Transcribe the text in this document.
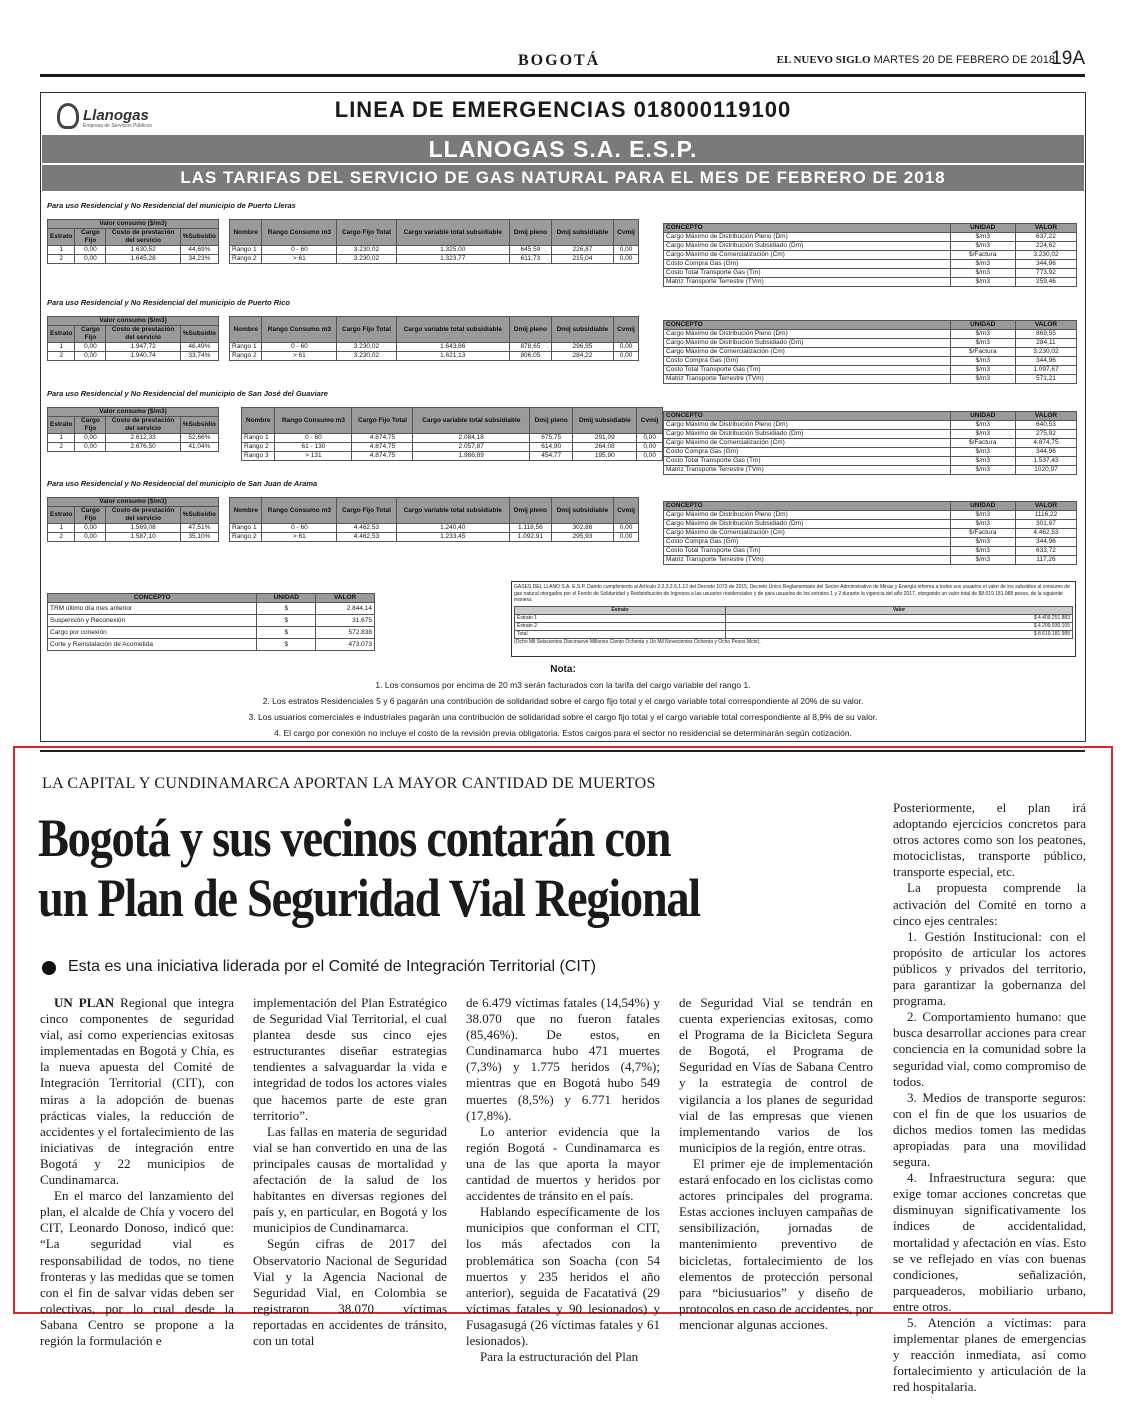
BOGOTÁ	EL NUEVO SIGLO MARTES 20 DE FEBRERO DE 2018
19A
Llanogas
Empresa de Servicios Públicos
LINEA DE EMERGENCIAS 018000119100
LLANOGAS S.A. E.S.P.
LAS TARIFAS DEL SERVICIO DE GAS NATURAL PARA EL MES DE FEBRERO DE 2018
Para uso Residencial y No Residencial del municipio de Puerto Lleras
Valor consumo ($/m3)			
Estrato	Cargo Fijo	Costo de prestación del servicio	%Subsidio
1	0,00	1.630,52	44,69%
2	0,00	1.645,28	34,23%
Nombre	Rango Consumo m3	Cargo Fijo Total	Cargo variable total subsidiable	Dmij pleno	Dmij subsidiable	Cvmij
Rango 1	0 - 60	3.230,02	1.325,00	645,59	226,87	0,00
Rango 2	> 61	3.230,02	1.323,77	611,73	215,04	0,00
CONCEPTO	UNIDAD	VALOR
Cargo Máximo de Distribución Pleno (Dm)	$/m3	637,22
Cargo Máximo de Distribución Subsidiado (Dm)	$/m3	224,62
Cargo Máximo de Comercialización (Cm)	$/Factura	3.230,02
Costo Compra Gas (Gm)	$/m3	344,96
Costo Total Transporte Gas (Tm)	$/m3	773,92
Matriz Transporte Terrestre (TVm)	$/m3	259,46
Para uso Residencial y No Residencial del municipio de Puerto Rico
Valor consumo ($/m3)			
Estrato	Cargo Fijo	Costo de prestación del servicio	%Subsidio
1	0,00	1.947,72	46,49%
2	0,00	1.940,74	33,74%
Nombre	Rango Consumo m3	Cargo Fijo Total	Cargo variable total subsidiable	Dmij pleno	Dmij subsidiable	Cvmij
Rango 1	0 - 60	3.230,02	1.643,86	878,65	296,95	0,00
Rango 2	> 61	3.230,02	1.621,13	806,05	284,22	0,00
CONCEPTO	UNIDAD	VALOR
Cargo Máximo de Distribución Pleno (Dm)	$/m3	869,55
Cargo Máximo de Distribución Subsidiado (Dm)	$/m3	284,11
Cargo Máximo de Comercialización (Cm)	$/Factura	3.230,02
Costo Compra Gas (Gm)	$/m3	344,96
Costo Total Transporte Gas (Tm)	$/m3	1.097,67
Matriz Transporte Terrestre (TVm)	$/m3	571,21
Para uso Residencial y No Residencial del municipio de San José del Guaviare
Valor consumo ($/m3)			
Estrato	Cargo Fijo	Costo de prestación del servicio	%Subsidio
1	0,00	2.612,33	52,66%
2	0,00	2.676,50	41,04%
Nombre	Rango Consumo m3	Cargo Fijo Total	Cargo variable total subsidiable	Dmij pleno	Dmij subsidiable	Cvmij
Rango 1	0 - 60	4.874,75	2.084,18	675,75	291,09	0,00
Rango 2	61 - 130	4.874,75	2.057,87	614,90	264,08	0,00
Rango 3	> 131	4.874,75	1.986,89	454,77	195,90	0,00
CONCEPTO	UNIDAD	VALOR
Cargo Máximo de Distribución Pleno (Dm)	$/m3	640,53
Cargo Máximo de Distribución Subsidiado (Dm)	$/m3	275,92
Cargo Máximo de Comercialización (Cm)	$/Factura	4.874,75
Costo Compra Gas (Gm)	$/m3	344,96
Costo Total Transporte Gas (Tm)	$/m3	1.537,43
Matriz Transporte Terrestre (TVm)	$/m3	1020,97
Para uso Residencial y No Residencial del municipio de San Juan de Arama
Valor consumo ($/m3)			
Estrato	Cargo Fijo	Costo de prestación del servicio	%Subsidio
1	0,00	1.569,08	47,51%
2	0,00	1.587,10	35,10%
Nombre	Rango Consumo m3	Cargo Fijo Total	Cargo variable total subsidiable	Dmij pleno	Dmij subsidiable	Cvmij
Rango 1	0 - 60	4.462,53	1.240,40	1.118,56	302,86	0,00
Rango 2	> 61	4.462,53	1.233,45	1.092,91	295,93	0,00
CONCEPTO	UNIDAD	VALOR
Cargo Máximo de Distribución Pleno (Dm)	$/m3	1116,22
Cargo Máximo de Distribución Subsidiado (Dm)	$/m3	301,97
Cargo Máximo de Comercialización (Cm)	$/Factura	4.462,53
Costo Compra Gas (Gm)	$/m3	344,96
Costo Total Transporte Gas (Tm)	$/m3	633,72
Matriz Transporte Terrestre (TVm)	$/m3	117,26
CONCEPTO	UNIDAD	VALOR
TRM último día mes anterior	$	2.844,14
Suspensión y Reconexión	$	31.675
Cargo por conexión	$	572.838
Corte y Reinstalación de Acometida	$	473.073
GASES DEL LLANO S.A. E.S.P. Dando cumplimiento al Artículo 2.2.3.2.6.1.12 del Decreto 1073 de 2015, Decreto Único Reglamentario del Sector Administrativo de Minas y Energía informa a todos sus usuarios el valor de los subsidios al consumo de gas natural otorgados por el Fondo de Solidaridad y Redistribución de Ingresos a las usuarios residenciales y de para usuarios de los estratos 1 y 2 durante la vigencia del año 2017, otorgando un valor total de $8.619.181.988 pesos, de la siguiente manera:
Estrato	Valor
Estrato 1	$ 4.409.251.883
Estrato 2	$ 4.209.930.105
Total	$ 8.619.181.988
(Ocho Mil Seiscientos Diecinueve Millones Ciento Ochenta y Un Mil Novecientos Ochenta y Ocho Pesos Mcte).
Nota:
1. Los consumos por encima de 20 m3 serán facturados con la tarifa del cargo variable del rango 1.
2. Los estratos Residenciales 5 y 6 pagarán una contribución de solidaridad sobre el cargo fijo total y el cargo variable total correspondiente al 20% de su valor.
3. Los usuarios comerciales e industriales pagarán una contribución de solidaridad sobre el cargo fijo total y el cargo variable total correspondiente al 8,9% de su valor.
4. El cargo por conexión no incluye el costo de la revisión previa obligatoria. Estos cargos para el sector no residencial se determinarán según cotización.
LA CAPITAL Y CUNDINAMARCA APORTAN LA MAYOR CANTIDAD DE MUERTOS
Bogotá y sus vecinos contarán con
un Plan de Seguridad Vial Regional
Esta es una iniciativa liderada por el Comité de Integración Territorial (CIT)

UN PLAN Regional que integra cinco componentes de seguridad vial, así como experiencias exitosas implementadas en Bogotá y Chía, es la nueva apuesta del Comité de Integración Territorial (CIT), con miras a la adopción de buenas prácticas viales, la reducción de accidentes y el fortalecimiento de las iniciativas de integración entre Bogotá y 22 municipios de Cundinamarca.

En el marco del lanzamiento del plan, el alcalde de Chía y vocero del CIT, Leonardo Donoso, indicó que: “La seguridad vial es responsabilidad de todos, no tiene fronteras y las medidas que se tomen con el fin de salvar vidas deben ser colectivas, por lo cual desde la Sabana Centro se propone a la región la formulación e

implementación del Plan Estratégico de Seguridad Vial Territorial, el cual plantea desde sus cinco ejes estructurantes diseñar estrategias tendientes a salvaguardar la vida e integridad de todos los actores viales que hacemos parte de este gran territorio”.

Las fallas en materia de seguridad vial se han convertido en una de las principales causas de mortalidad y afectación de la salud de los habitantes en diversas regiones del país y, en particular, en Bogotá y los municipios de Cundinamarca.

Según cifras de 2017 del Observatorio Nacional de Seguridad Vial y la Agencia Nacional de Seguridad Vial, en Colombia se registraron 38.070 víctimas reportadas en accidentes de tránsito, con un total

de 6.479 víctimas fatales (14,54%) y 38.070 que no fueron fatales (85,46%). De estos, en Cundinamarca hubo 471 muertes (7,3%) y 1.775 heridos (4,7%); mientras que en Bogotá hubo 549 muertes (8,5%) y 6.771 heridos (17,8%).

Lo anterior evidencia que la región Bogotá - Cundinamarca es una de las que aporta la mayor cantidad de muertos y heridos por accidentes de tránsito en el país.

Hablando específicamente de los municipios que conforman el CIT, los más afectados con la problemática son Soacha (con 54 muertos y 235 heridos el año anterior), seguida de Facatativá (29 víctimas fatales y 90 lesionados) y Fusagasugá (26 víctimas fatales y 61 lesionados).

Para la estructuración del Plan

de Seguridad Vial se tendrán en cuenta experiencias exitosas, como el Programa de la Bicicleta Segura de Bogotá, el Programa de Seguridad en Vías de Sabana Centro y la estrategia de control de vigilancia a los planes de seguridad vial de las empresas que vienen implementando varios de los municipios de la región, entre otras.

El primer eje de implementación estará enfocado en los ciclistas como actores principales del programa. Estas acciones incluyen campañas de sensibilización, jornadas de mantenimiento preventivo de bicicletas, fortalecimiento de los elementos de protección personal para “biciusuarios” y diseño de protocolos en caso de accidentes, por mencionar algunas acciones.

Posteriormente, el plan irá adoptando ejercicios concretos para otros actores como son los peatones, motociclistas, transporte público, transporte especial, etc.

La propuesta comprende la activación del Comité en torno a cinco ejes centrales:

1. Gestión Institucional: con el propósito de articular los actores públicos y privados del territorio, para garantizar la gobernanza del programa.

2. Comportamiento humano: que busca desarrollar acciones para crear conciencia en la comunidad sobre la seguridad vial, como compromiso de todos.

3. Medios de transporte seguros: con el fin de que los usuarios de dichos medios tomen las medidas apropiadas para una movilidad segura.

4. Infraestructura segura: que exige tomar acciones concretas que disminuyan significativamente los índices de accidentalidad, mortalidad y afectación en vías. Esto se ve reflejado en vías con buenas condiciones, señalización, parqueaderos, mobiliario urbano, entre otros.

5. Atención a víctimas: para implementar planes de emergencias y reacción inmediata, así como fortalecimiento y articulación de la red hospitalaria.
